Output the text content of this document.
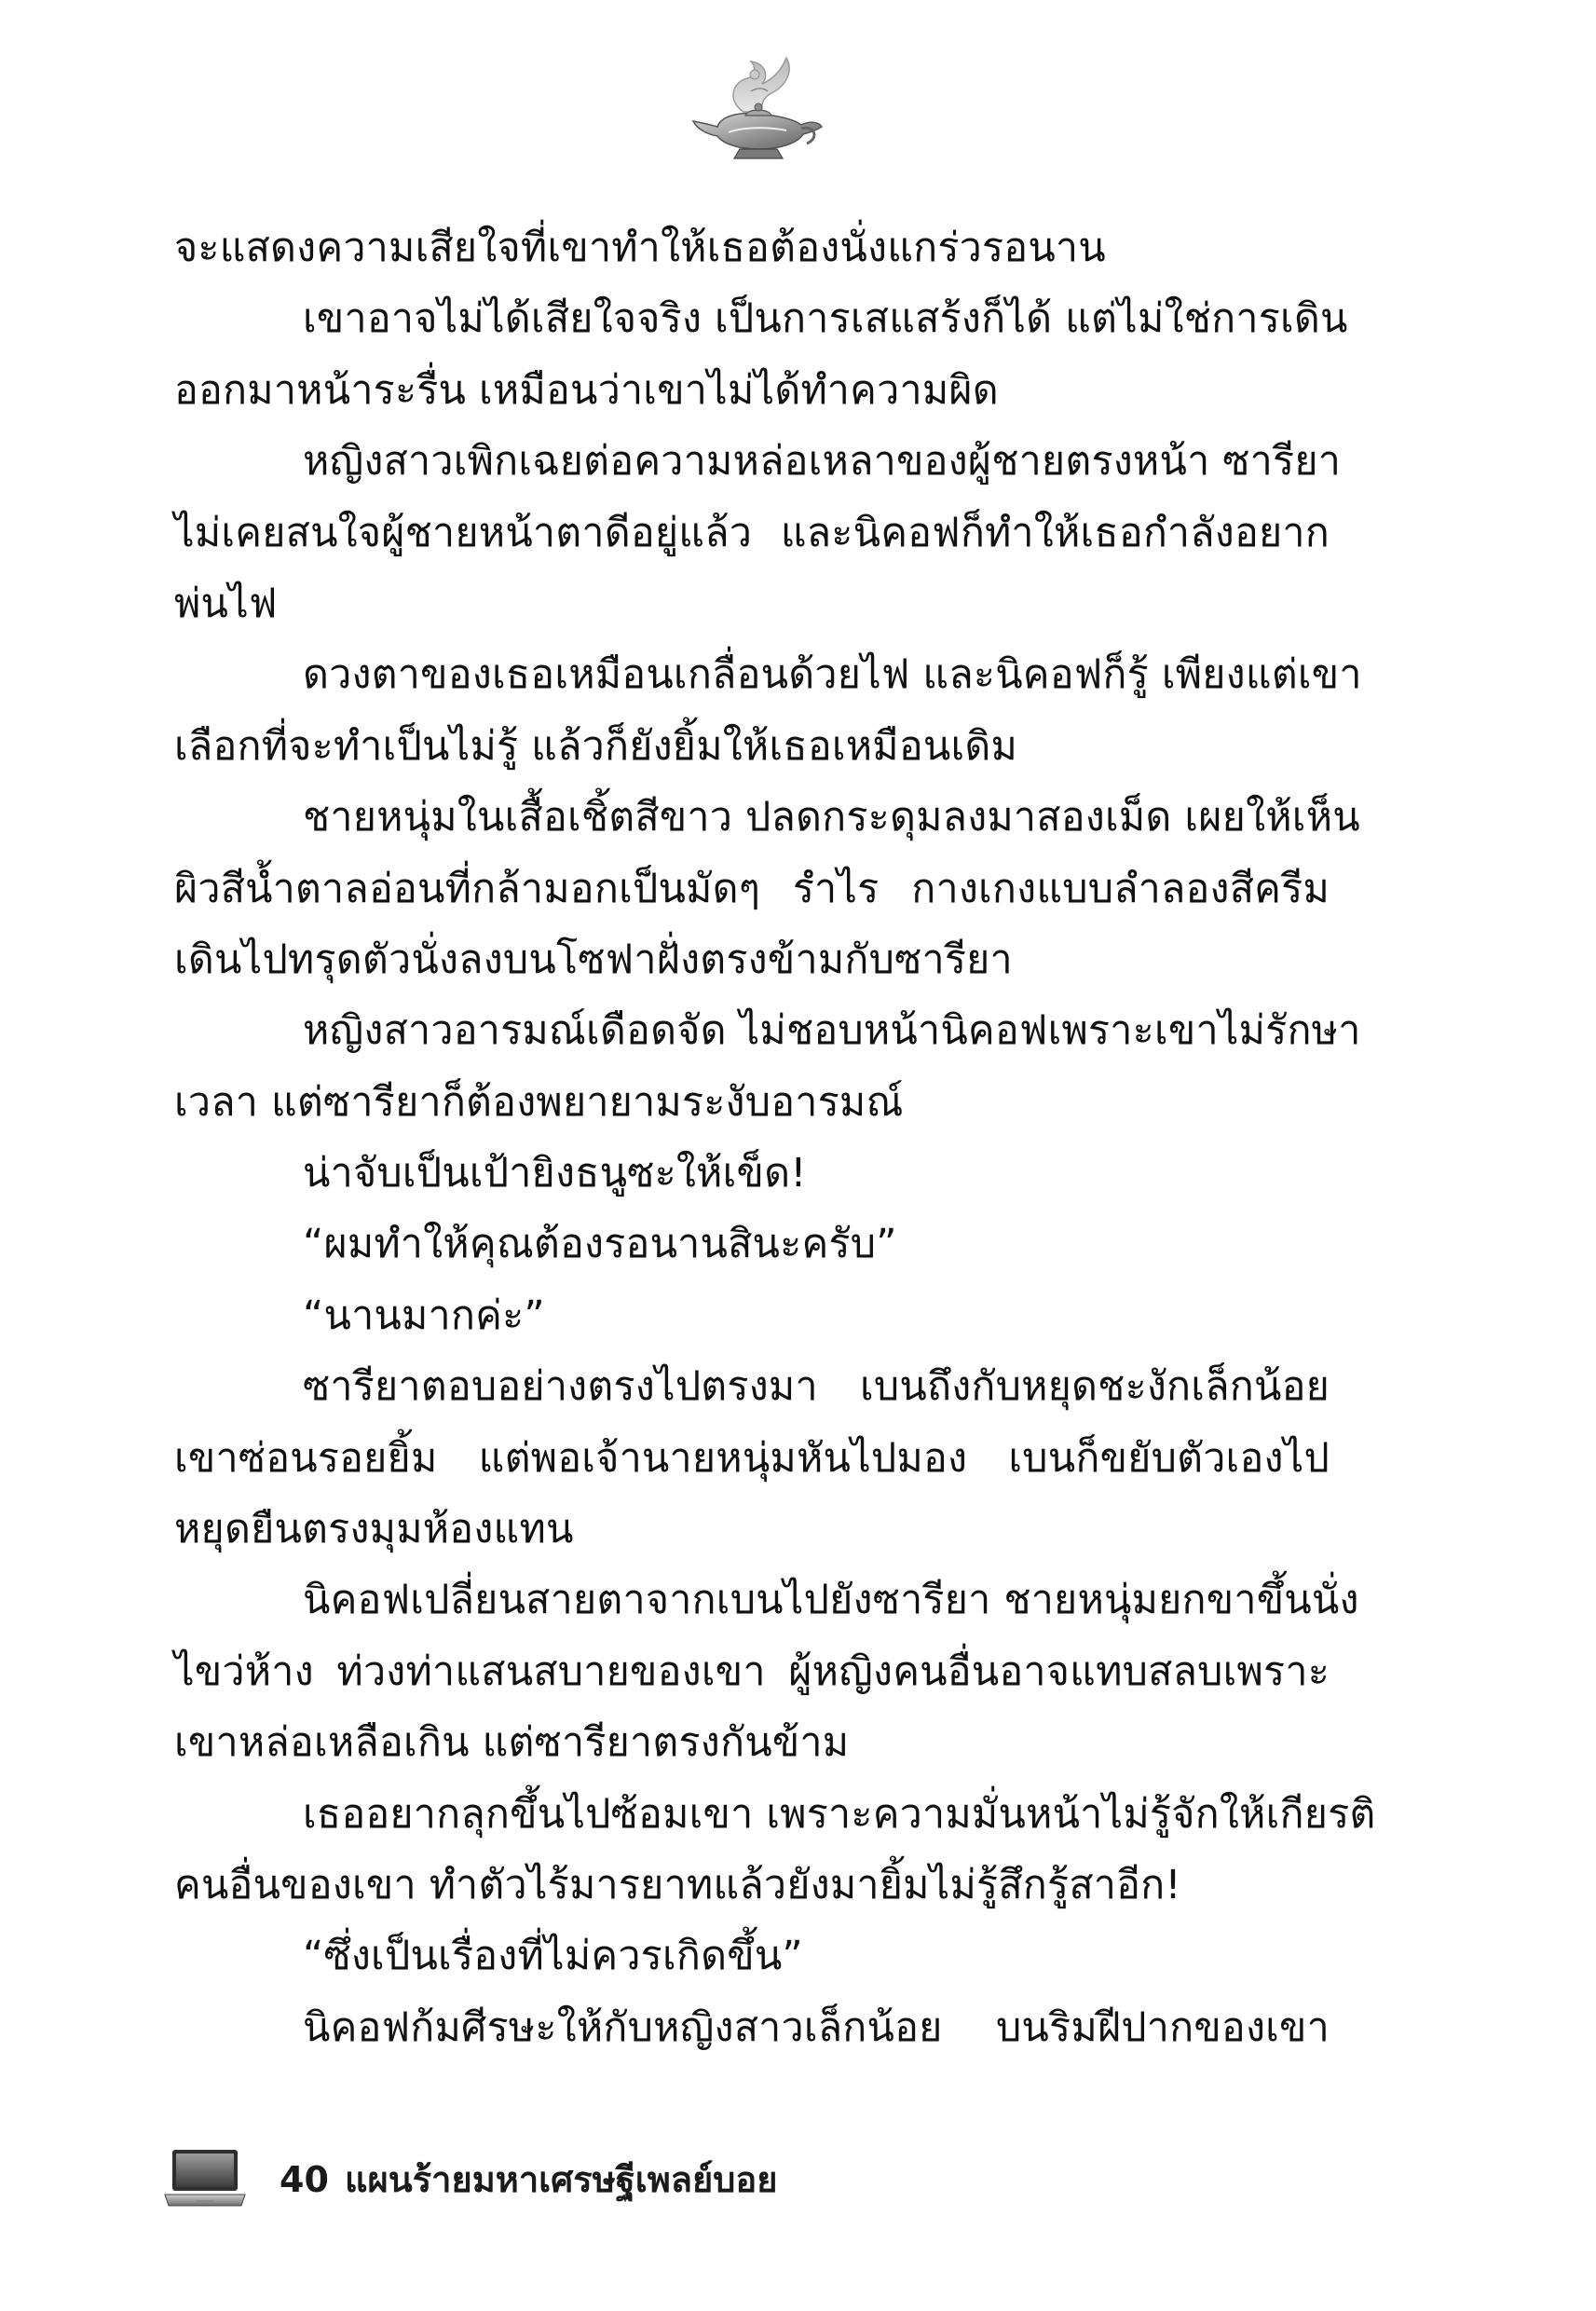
จะแสดงความเสียใจที่เขาทำให้เธอต้องนั่งแกร่วรอนาน
เขาอาจไม่ได้เสียใจจริง เป็นการเสแสร้งก็ได้ แต่ไม่ใช่การเดิน
ออกมาหน้าระรื่น เหมือนว่าเขาไม่ได้ทำความผิด
หญิงสาวเพิกเฉยต่อความหล่อเหลาของผู้ชายตรงหน้า ซารียา
ไม่เคยสนใจผู้ชายหน้าตาดีอยู่แล้ว และนิคอฟก็ทำให้เธอกำลังอยาก
พ่นไฟ
ดวงตาของเธอเหมือนเกลื่อนด้วยไฟ และนิคอฟก็รู้ เพียงแต่เขา
เลือกที่จะทำเป็นไม่รู้ แล้วก็ยังยิ้มให้เธอเหมือนเดิม
ชายหนุ่มในเสื้อเชิ้ตสีขาว ปลดกระดุมลงมาสองเม็ด เผยให้เห็น
ผิวสีน้ำตาลอ่อนที่กล้ามอกเป็นมัดๆ รำไร กางเกงแบบลำลองสีครีม
เดินไปทรุดตัวนั่งลงบนโซฟาฝั่งตรงข้ามกับซารียา
หญิงสาวอารมณ์เดือดจัด ไม่ชอบหน้านิคอฟเพราะเขาไม่รักษา
เวลา แต่ซารียาก็ต้องพยายามระงับอารมณ์
น่าจับเป็นเป้ายิงธนูซะให้เข็ด!
“ผมทำให้คุณต้องรอนานสินะครับ”
“นานมากค่ะ”
ซารียาตอบอย่างตรงไปตรงมา เบนถึงกับหยุดชะงักเล็กน้อย
เขาซ่อนรอยยิ้ม แต่พอเจ้านายหนุ่มหันไปมอง เบนก็ขยับตัวเองไป
หยุดยืนตรงมุมห้องแทน
นิคอฟเปลี่ยนสายตาจากเบนไปยังซารียา ชายหนุ่มยกขาขึ้นนั่ง
ไขว่ห้าง ท่วงท่าแสนสบายของเขา ผู้หญิงคนอื่นอาจแทบสลบเพราะ
เขาหล่อเหลือเกิน แต่ซารียาตรงกันข้าม
เธออยากลุกขึ้นไปซ้อมเขา เพราะความมั่นหน้าไม่รู้จักให้เกียรติ
คนอื่นของเขา ทำตัวไร้มารยาทแล้วยังมายิ้มไม่รู้สึกรู้สาอีก!
“ซึ่งเป็นเรื่องที่ไม่ควรเกิดขึ้น”
นิคอฟก้มศีรษะให้กับหญิงสาวเล็กน้อย บนริมฝีปากของเขา
40 แผนร้ายมหาเศรษฐีเพลย์บอย
